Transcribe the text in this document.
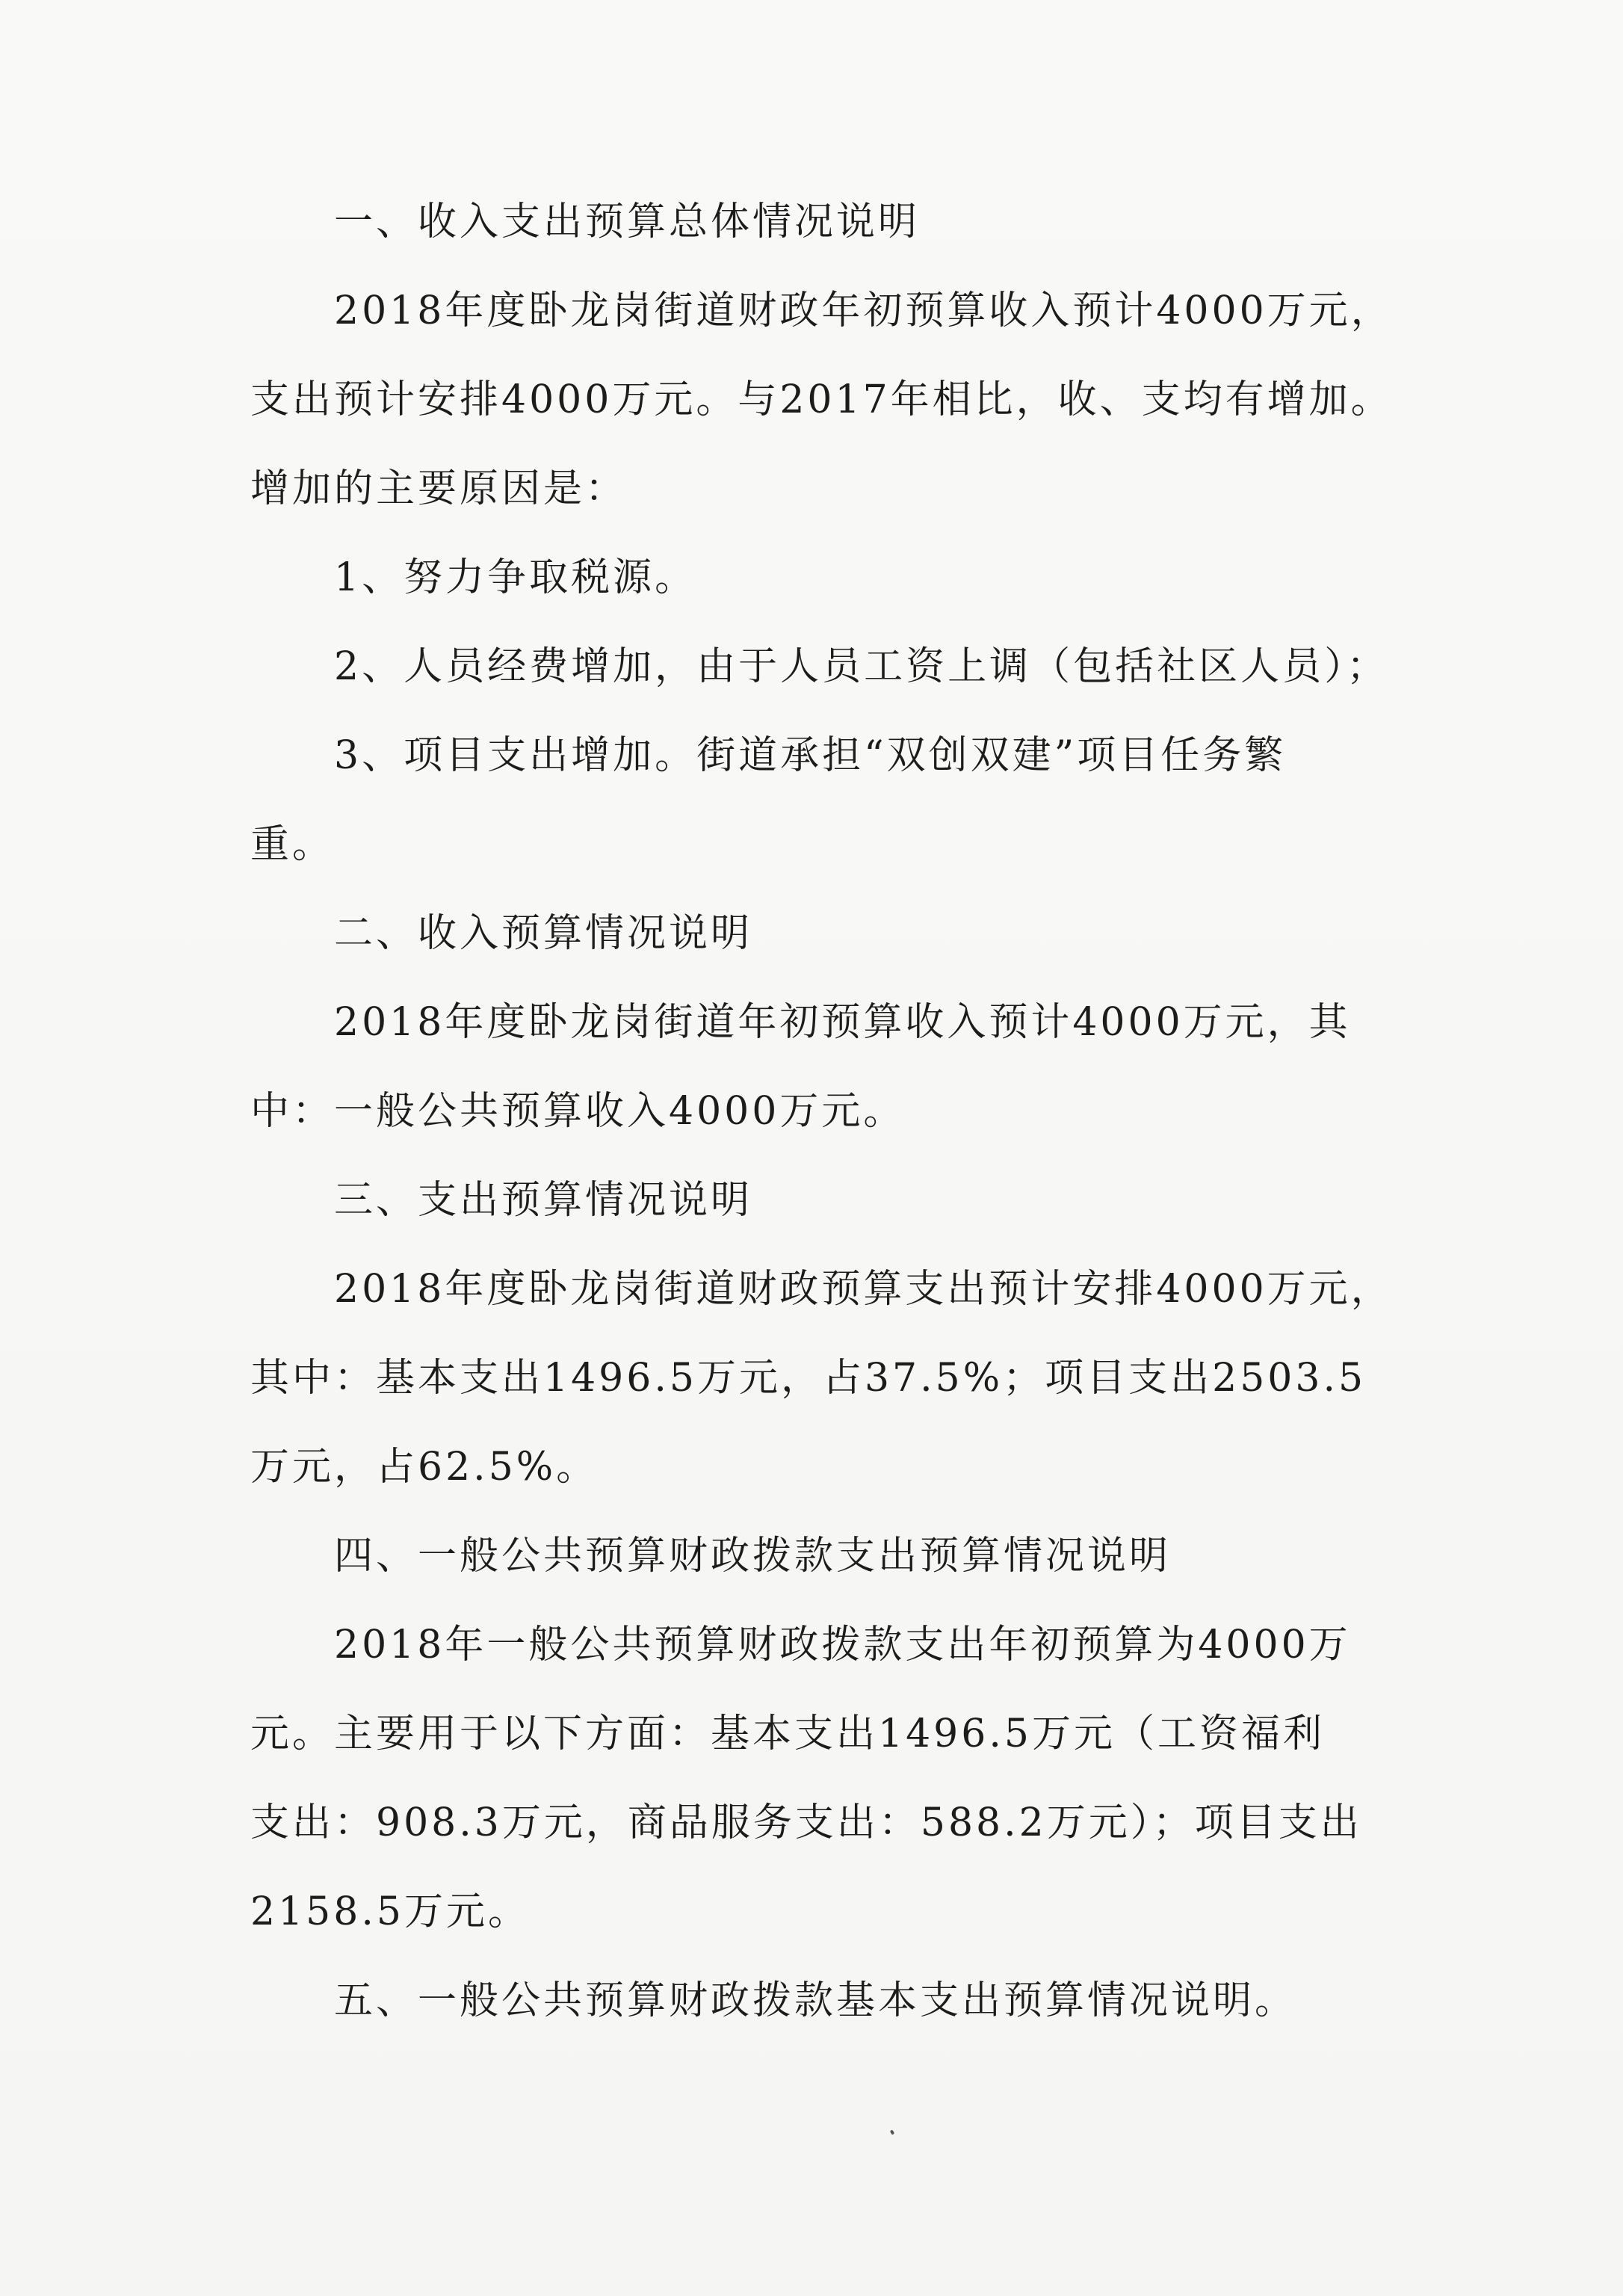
一、收入支出预算总体情况说明

2018年度卧龙岗街道财政年初预算收入预计4000万元，

支出预计安排4000万元。与2017年相比，收、支均有增加。

增加的主要原因是：

1、努力争取税源。

2、人员经费增加，由于人员工资上调（包括社区人员）；

3、项目支出增加。街道承担“双创双建”项目任务繁

重。

二、收入预算情况说明

2018年度卧龙岗街道年初预算收入预计4000万元，其

中：一般公共预算收入4000万元。

三、支出预算情况说明

2018年度卧龙岗街道财政预算支出预计安排4000万元，

其中：基本支出1496.5万元，占37.5%；项目支出2503.5

万元，占62.5%。

四、一般公共预算财政拨款支出预算情况说明

2018年一般公共预算财政拨款支出年初预算为4000万

元。主要用于以下方面：基本支出1496.5万元（工资福利

支出：908.3万元，商品服务支出：588.2万元）；项目支出

2158.5万元。

五、一般公共预算财政拨款基本支出预算情况说明。
